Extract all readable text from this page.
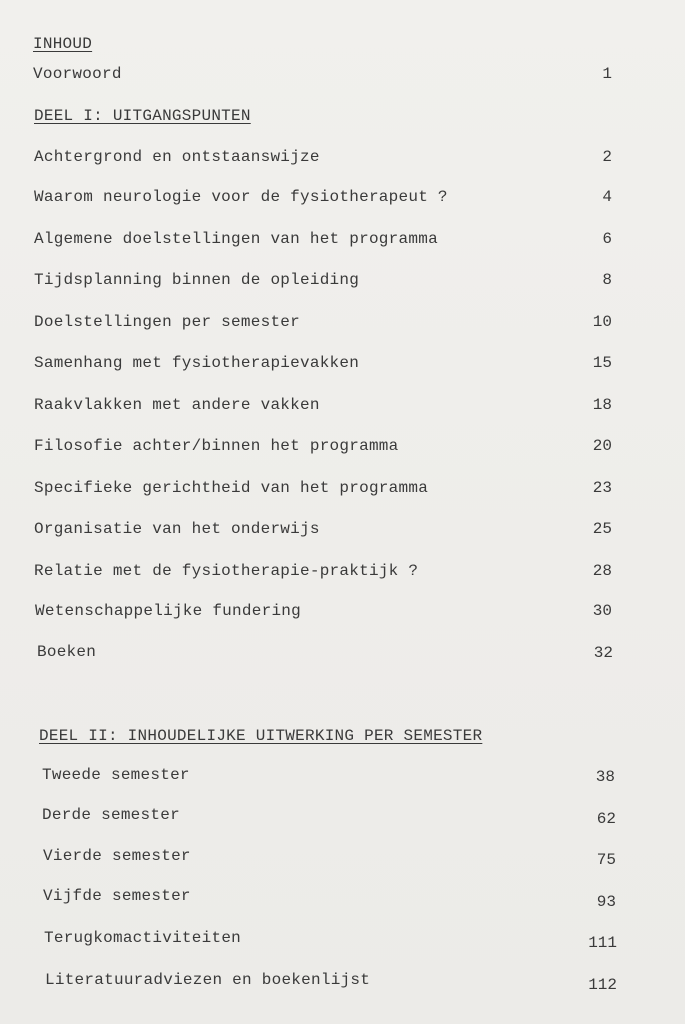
INHOUD
Voorwoord	1
DEEL I: UITGANGSPUNTEN
Achtergrond en ontstaanswijze	2
Waarom neurologie voor de fysiotherapeut ?	4
Algemene doelstellingen van het programma	6
Tijdsplanning binnen de opleiding	8
Doelstellingen per semester	10
Samenhang met fysiotherapievakken	15
Raakvlakken met andere vakken	18
Filosofie achter/binnen het programma	20
Specifieke gerichtheid van het programma	23
Organisatie van het onderwijs	25
Relatie met de fysiotherapie-praktijk ?	28
Wetenschappelijke fundering	30
Boeken	32
DEEL II: INHOUDELIJKE UITWERKING PER SEMESTER
Tweede semester	38
Derde semester	62
Vierde semester	75
Vijfde semester	93
Terugkomactiviteiten	111
Literatuuradviezen en boekenlijst	112
